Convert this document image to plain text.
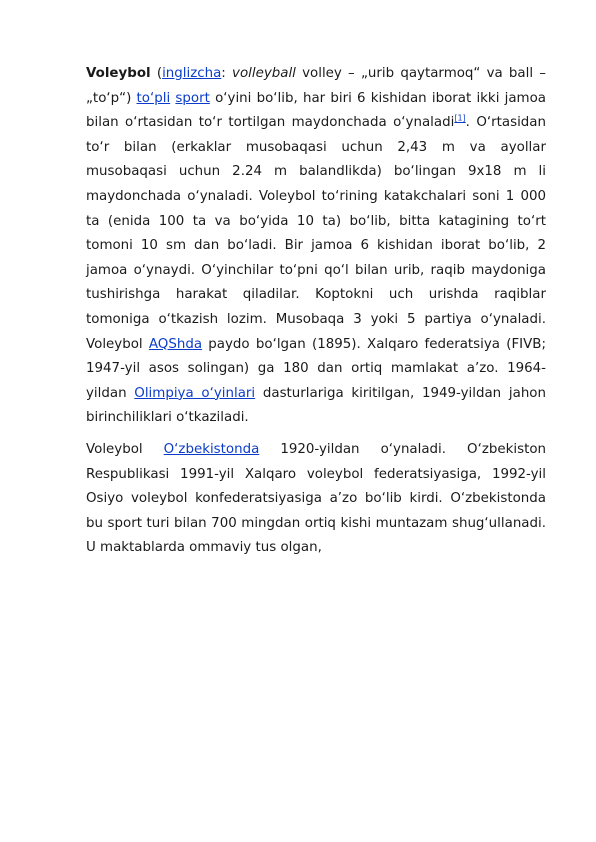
Voleybol (inglizcha: volleyball volley – „urib qaytarmoq“ va ball – „to‘p“) to‘pli sport o‘yini bo‘lib, har biri 6 kishidan iborat ikki jamoa bilan o‘rtasidan to‘r tortilgan maydonchada o‘ynaladi[1]. O‘rtasidan to‘r bilan (erkaklar musobaqasi uchun 2,43 m va ayollar musobaqasi uchun 2.24 m balandlikda) bo‘lingan 9x18 m li maydonchada o‘ynaladi. Voleybol to‘rining katakchalari soni 1 000 ta (enida 100 ta va bo‘yida 10 ta) bo‘lib, bitta katagining to‘rt tomoni 10 sm dan bo‘ladi. Bir jamoa 6 kishidan iborat bo‘lib, 2 jamoa o‘ynaydi. O‘yinchilar to‘pni qo‘l bilan urib, raqib maydoniga tushirishga harakat qiladilar. Koptokni uch urishda raqiblar tomoniga o‘tkazish lozim. Musobaqa 3 yoki 5 partiya o‘ynaladi. Voleybol AQShda paydo bo‘lgan (1895). Xalqaro federatsiya (FIVB; 1947-yil asos solingan) ga 180 dan ortiq mamlakat a’zo. 1964-yildan Olimpiya o‘yinlari dasturlariga kiritilgan, 1949-yildan jahon birinchiliklari o‘tkaziladi.

Voleybol O‘zbekistonda 1920-yildan o‘ynaladi. O‘zbekiston Respublikasi 1991-yil Xalqaro voleybol federatsiyasiga, 1992-yil Osiyo voleybol konfederatsiyasiga a’zo bo‘lib kirdi. O‘zbekistonda bu sport turi bilan 700 mingdan ortiq kishi muntazam shug‘ullanadi. U maktablarda ommaviy tus olgan,
